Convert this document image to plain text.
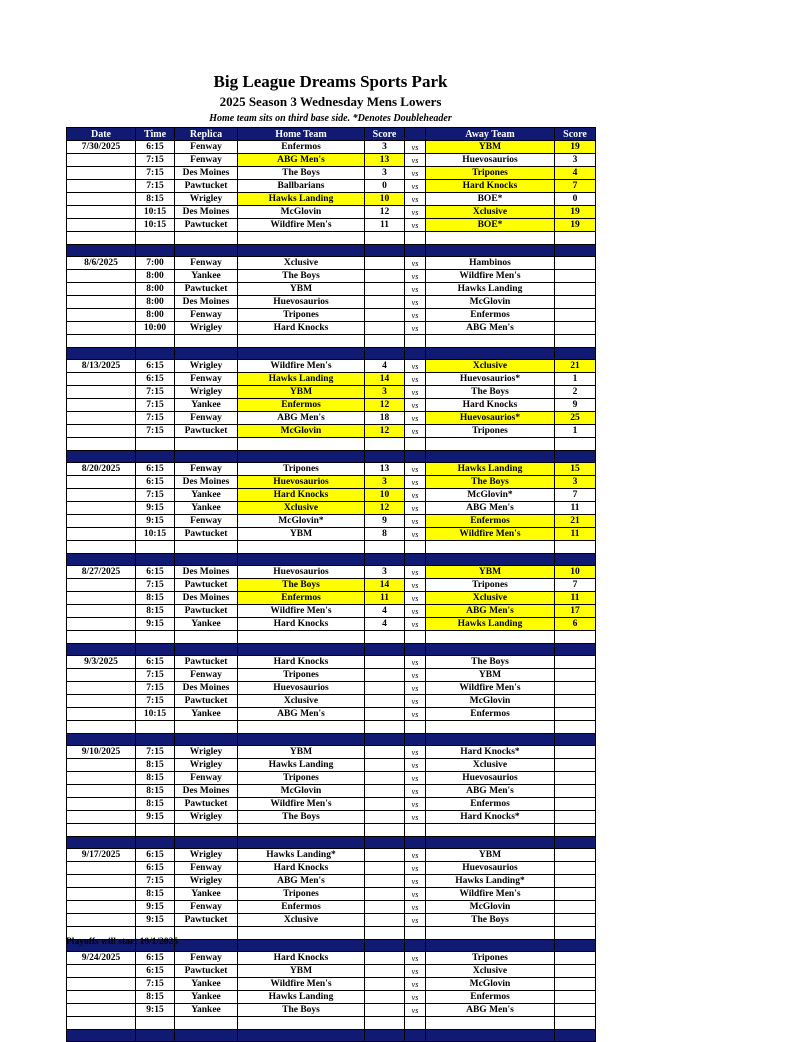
Big League Dreams Sports Park
2025 Season 3 Wednesday Mens Lowers
Home team sits on third base side. *Denotes Doubleheader
Date	Time	Replica	Home Team	Score		Away Team	Score
7/30/2025	6:15	Fenway	Enfermos	3	vs	YBM	19
	7:15	Fenway	ABG Men's	13	vs	Huevosaurios	3
	7:15	Des Moines	The Boys	3	vs	Tripones	4
	7:15	Pawtucket	Ballbarians	0	vs	Hard Knocks	7
	8:15	Wrigley	Hawks Landing	10	vs	BOE*	0
	10:15	Des Moines	McGlovin	12	vs	Xclusive	19
	10:15	Pawtucket	Wildfire Men's	11	vs	BOE*	19

8/6/2025	7:00	Fenway	Xclusive		vs	Hambinos	
	8:00	Yankee	The Boys		vs	Wildfire Men's	
	8:00	Pawtucket	YBM		vs	Hawks Landing	
	8:00	Des Moines	Huevosaurios		vs	McGlovin	
	8:00	Fenway	Tripones		vs	Enfermos	
	10:00	Wrigley	Hard Knocks		vs	ABG Men's	

8/13/2025	6:15	Wrigley	Wildfire Men's	4	vs	Xclusive	21
	6:15	Fenway	Hawks Landing	14	vs	Huevosaurios*	1
	7:15	Wrigley	YBM	3	vs	The Boys	2
	7:15	Yankee	Enfermos	12	vs	Hard Knocks	9
	7:15	Fenway	ABG Men's	18	vs	Huevosaurios*	25
	7:15	Pawtucket	McGlovin	12	vs	Tripones	1

8/20/2025	6:15	Fenway	Tripones	13	vs	Hawks Landing	15
	6:15	Des Moines	Huevosaurios	3	vs	The Boys	3
	7:15	Yankee	Hard Knocks	10	vs	McGlovin*	7
	9:15	Yankee	Xclusive	12	vs	ABG Men's	11
	9:15	Fenway	McGlovin*	9	vs	Enfermos	21
	10:15	Pawtucket	YBM	8	vs	Wildfire Men's	11

8/27/2025	6:15	Des Moines	Huevosaurios	3	vs	YBM	10
	7:15	Pawtucket	The Boys	14	vs	Tripones	7
	8:15	Des Moines	Enfermos	11	vs	Xclusive	11
	8:15	Pawtucket	Wildfire Men's	4	vs	ABG Men's	17
	9:15	Yankee	Hard Knocks	4	vs	Hawks Landing	6

9/3/2025	6:15	Pawtucket	Hard Knocks		vs	The Boys	
	7:15	Fenway	Tripones		vs	YBM	
	7:15	Des Moines	Huevosaurios		vs	Wildfire Men's	
	7:15	Pawtucket	Xclusive		vs	McGlovin	
	10:15	Yankee	ABG Men's		vs	Enfermos	

9/10/2025	7:15	Wrigley	YBM		vs	Hard Knocks*	
	8:15	Wrigley	Hawks Landing		vs	Xclusive	
	8:15	Fenway	Tripones		vs	Huevosaurios	
	8:15	Des Moines	McGlovin		vs	ABG Men's	
	8:15	Pawtucket	Wildfire Men's		vs	Enfermos	
	9:15	Wrigley	The Boys		vs	Hard Knocks*	

9/17/2025	6:15	Wrigley	Hawks Landing*		vs	YBM	
	6:15	Fenway	Hard Knocks		vs	Huevosaurios	
	7:15	Wrigley	ABG Men's		vs	Hawks Landing*	
	8:15	Yankee	Tripones		vs	Wildfire Men's	
	9:15	Fenway	Enfermos		vs	McGlovin	
	9:15	Pawtucket	Xclusive		vs	The Boys	

9/24/2025	6:15	Fenway	Hard Knocks		vs	Tripones	
	6:15	Pawtucket	YBM		vs	Xclusive	
	7:15	Yankee	Wildfire Men's		vs	McGlovin	
	8:15	Yankee	Hawks Landing		vs	Enfermos	
	9:15	Yankee	The Boys		vs	ABG Men's	

Playoffs will start 10/1/2025
